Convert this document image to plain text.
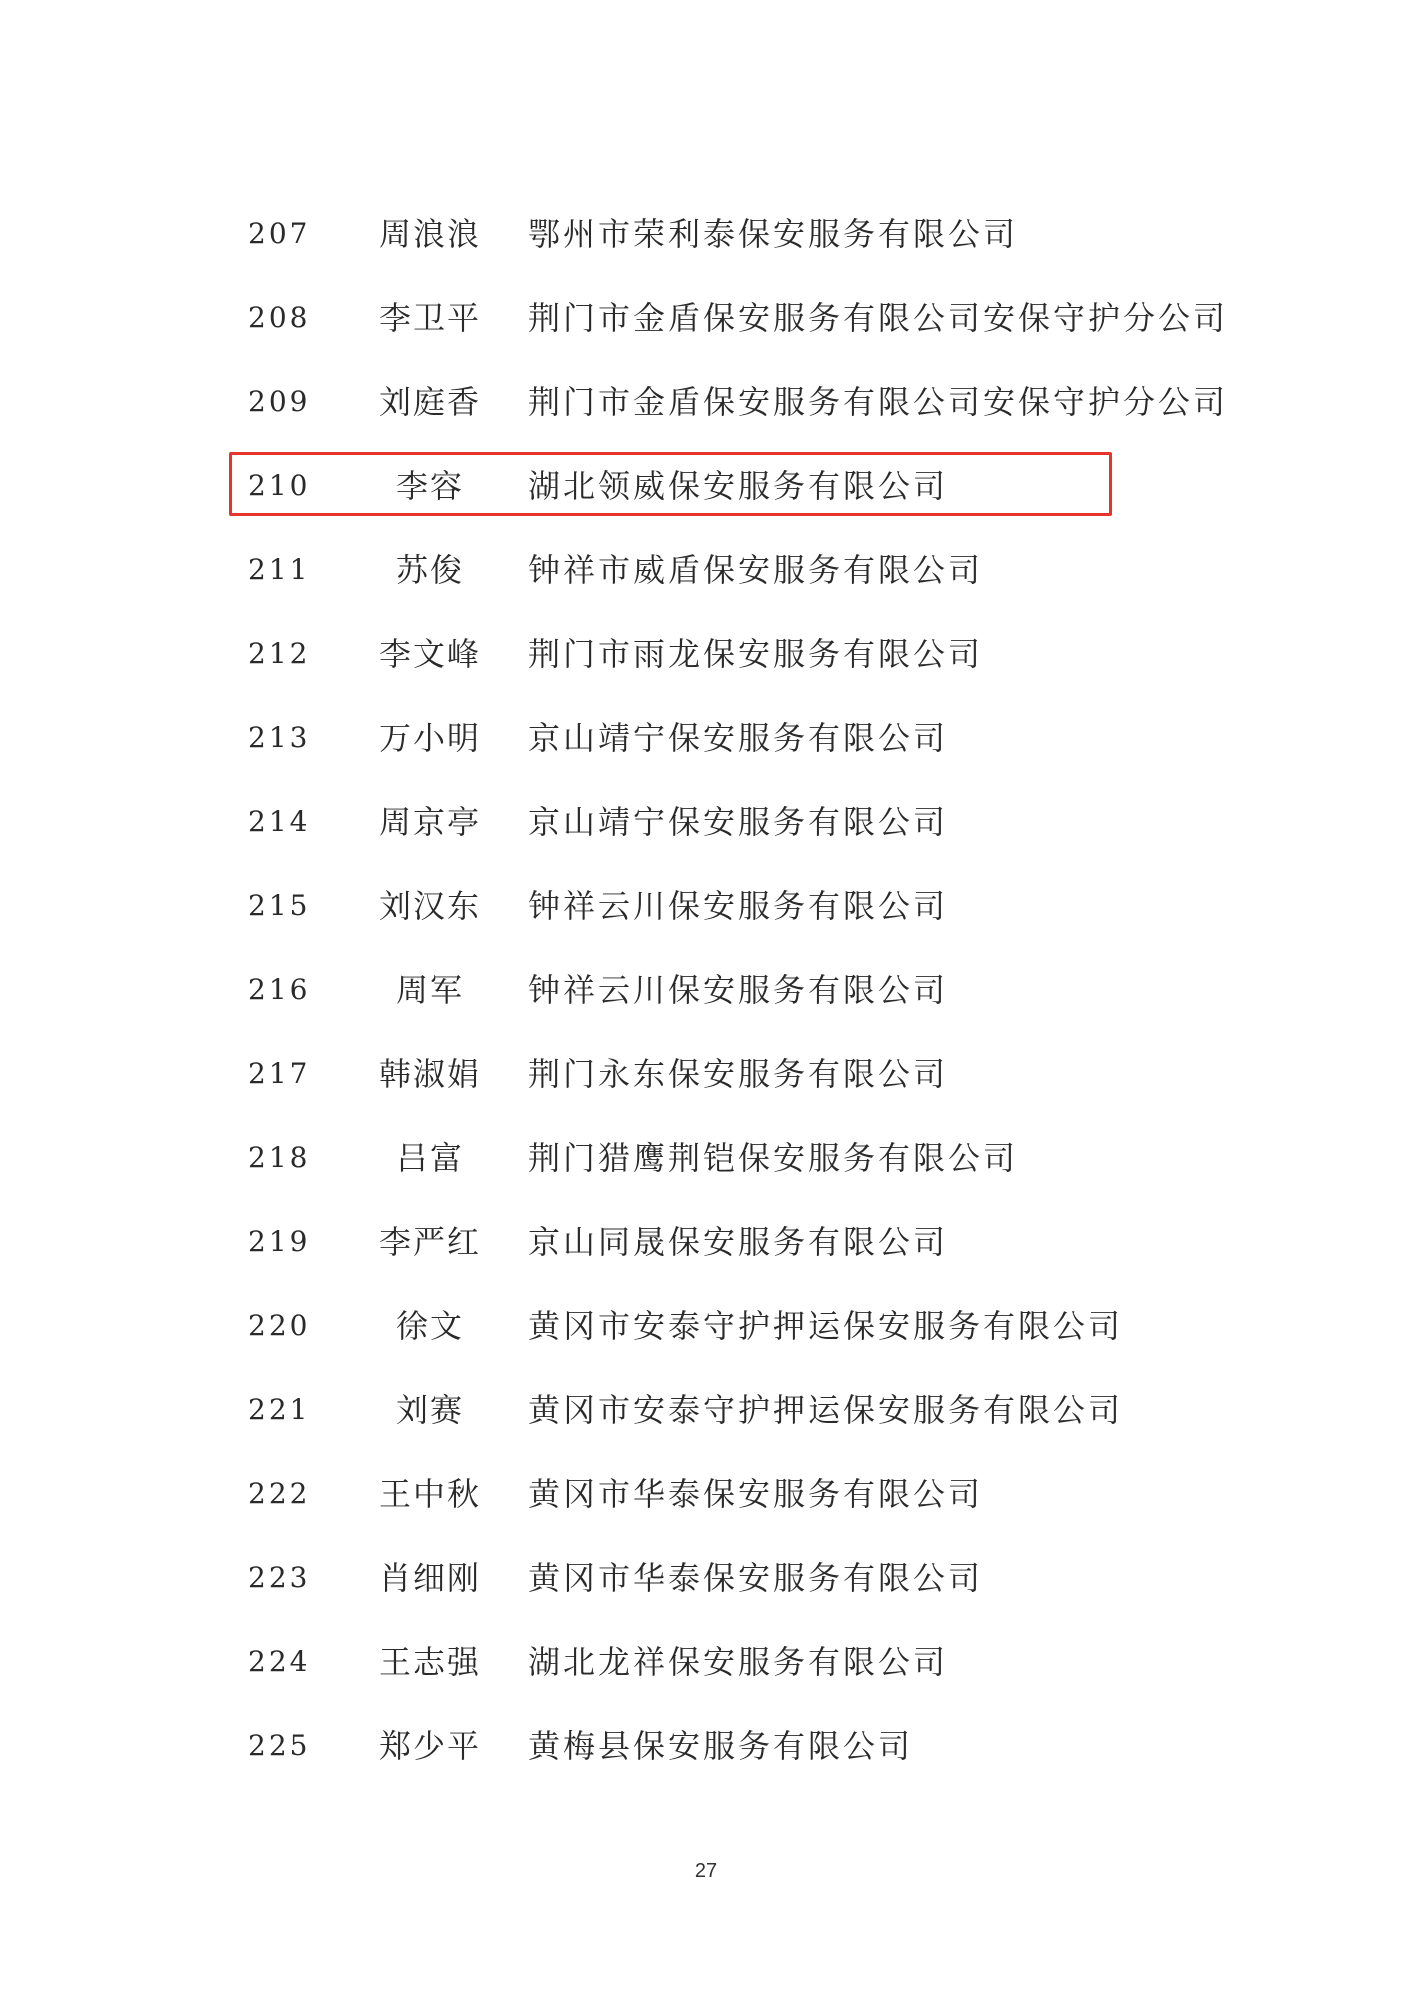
207	周浪浪	鄂州市荣利泰保安服务有限公司
208	李卫平	荆门市金盾保安服务有限公司安保守护分公司
209	刘庭香	荆门市金盾保安服务有限公司安保守护分公司
210	李容	湖北领威保安服务有限公司
211	苏俊	钟祥市威盾保安服务有限公司
212	李文峰	荆门市雨龙保安服务有限公司
213	万小明	京山靖宁保安服务有限公司
214	周京亭	京山靖宁保安服务有限公司
215	刘汉东	钟祥云川保安服务有限公司
216	周军	钟祥云川保安服务有限公司
217	韩淑娟	荆门永东保安服务有限公司
218	吕富	荆门猎鹰荆铠保安服务有限公司
219	李严红	京山同晟保安服务有限公司
220	徐文	黄冈市安泰守护押运保安服务有限公司
221	刘赛	黄冈市安泰守护押运保安服务有限公司
222	王中秋	黄冈市华泰保安服务有限公司
223	肖细刚	黄冈市华泰保安服务有限公司
224	王志强	湖北龙祥保安服务有限公司
225	郑少平	黄梅县保安服务有限公司
27
